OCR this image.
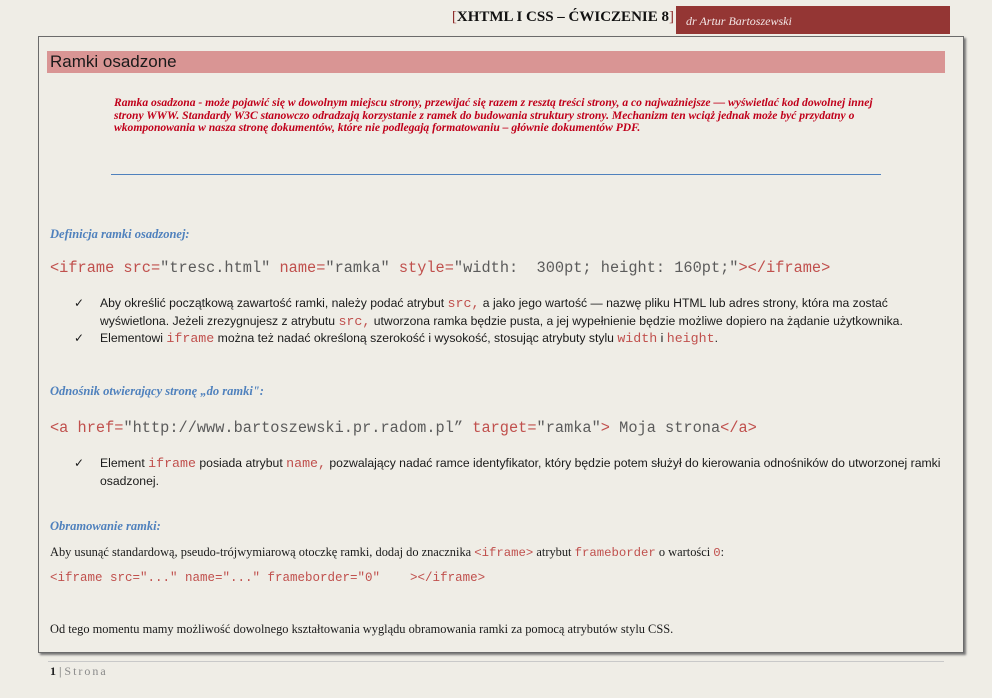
[XHTML I CSS – ĆWICZENIE 8]	dr Artur Bartoszewski
Ramki osadzone
Ramka osadzona - może pojawić się w dowolnym miejscu strony, przewijać się razem z resztą treści strony, a co najważniejsze — wyświetlać kod dowolnej innej strony WWW. Standardy W3C stanowczo odradzają korzystanie z ramek do budowania struktury strony. Mechanizm ten wciąż jednak może być przydatny o wkomponowania w nasza stronę dokumentów, które nie podlegają formatowaniu – głównie dokumentów PDF.
Definicja ramki osadzonej:
<iframe src="tresc.html" name="ramka" style="width:  300pt; height: 160pt;"></iframe>
✓ Aby określić początkową zawartość ramki, należy podać atrybut src, a jako jego wartość — nazwę pliku HTML lub adres strony, która ma zostać wyświetlona. Jeżeli zrezygnujesz z atrybutu src, utworzona ramka będzie pusta, a jej wypełnienie będzie możliwe dopiero na żądanie użytkownika.
✓ Elementowi iframe można też nadać określoną szerokość i wysokość, stosując atrybuty stylu width i height.
Odnośnik otwierający stronę „do ramki":
<a href="http://www.bartoszewski.pr.radom.pl” target="ramka"> Moja strona</a>
✓ Element iframe posiada atrybut name, pozwalający nadać ramce identyfikator, który będzie potem służył do kierowania odnośników do utworzonej ramki osadzonej.
Obramowanie ramki:
Aby usunąć standardową, pseudo-trójwymiarową otoczkę ramki, dodaj do znacznika <iframe> atrybut frameborder o wartości 0:
<iframe src="..." name="..." frameborder="0"    ></iframe>
Od tego momentu mamy możliwość dowolnego kształtowania wyglądu obramowania ramki za pomocą atrybutów stylu CSS.
1 | Strona
